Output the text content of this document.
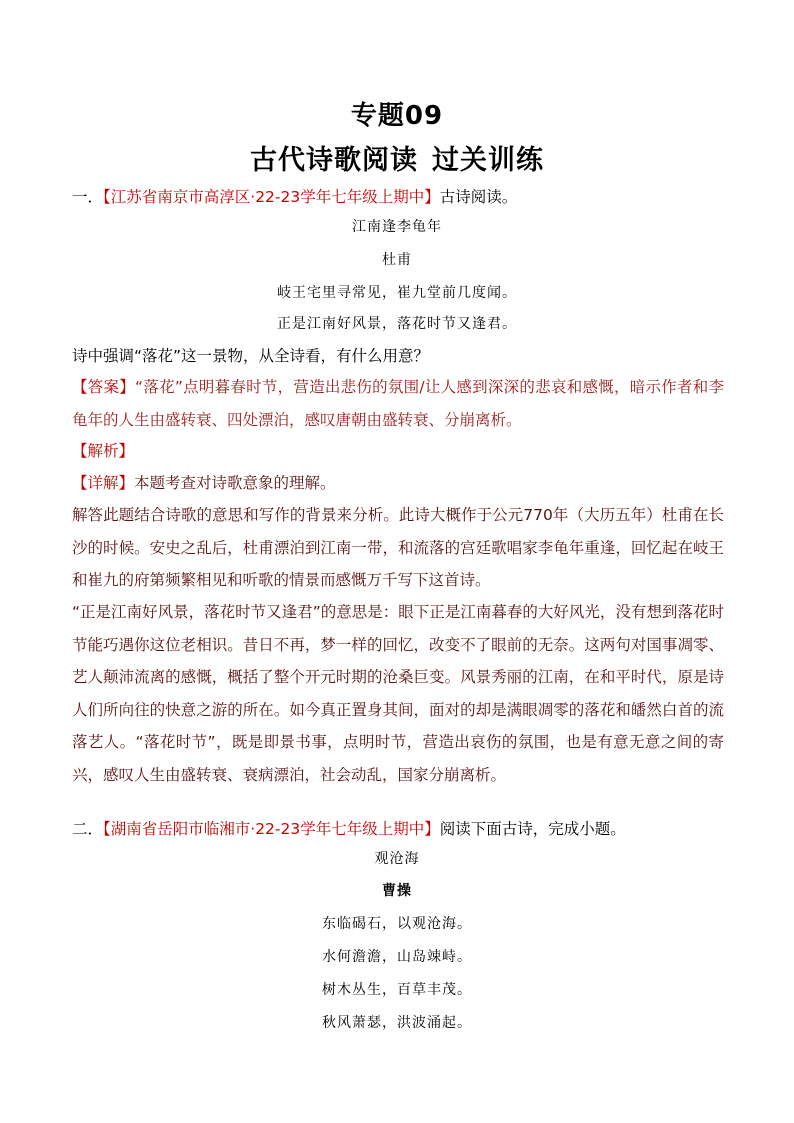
专题09
古代诗歌阅读 过关训练
一．【江苏省南京市高淳区·22-23学年七年级上期中】古诗阅读。
江南逢李龟年
杜甫
岐王宅里寻常见，崔九堂前几度闻。
正是江南好风景，落花时节又逢君。
诗中强调“落花”这一景物，从全诗看，有什么用意？
【答案】“落花”点明暮春时节，营造出悲伤的氛围/让人感到深深的悲哀和感慨，暗示作者和李龟年的人生由盛转衰、四处漂泊，感叹唐朝由盛转衰、分崩离析。
【解析】
【详解】本题考查对诗歌意象的理解。
解答此题结合诗歌的意思和写作的背景来分析。此诗大概作于公元770年（大历五年）杜甫在长沙的时候。安史之乱后，杜甫漂泊到江南一带，和流落的宫廷歌唱家李龟年重逢，回忆起在岐王和崔九的府第频繁相见和听歌的情景而感慨万千写下这首诗。
“正是江南好风景，落花时节又逢君”的意思是：眼下正是江南暮春的大好风光，没有想到落花时节能巧遇你这位老相识。昔日不再，梦一样的回忆，改变不了眼前的无奈。这两句对国事凋零、艺人颠沛流离的感慨，概括了整个开元时期的沧桑巨变。风景秀丽的江南，在和平时代，原是诗人们所向往的快意之游的所在。如今真正置身其间，面对的却是满眼凋零的落花和皤然白首的流落艺人。“落花时节”，既是即景书事，点明时节，营造出哀伤的氛围，也是有意无意之间的寄兴，感叹人生由盛转衰、衰病漂泊，社会动乱，国家分崩离析。
二．【湖南省岳阳市临湘市·22-23学年七年级上期中】阅读下面古诗，完成小题。
观沧海
曹操
东临碣石，以观沧海。
水何澹澹，山岛竦峙。
树木丛生，百草丰茂。
秋风萧瑟，洪波涌起。
